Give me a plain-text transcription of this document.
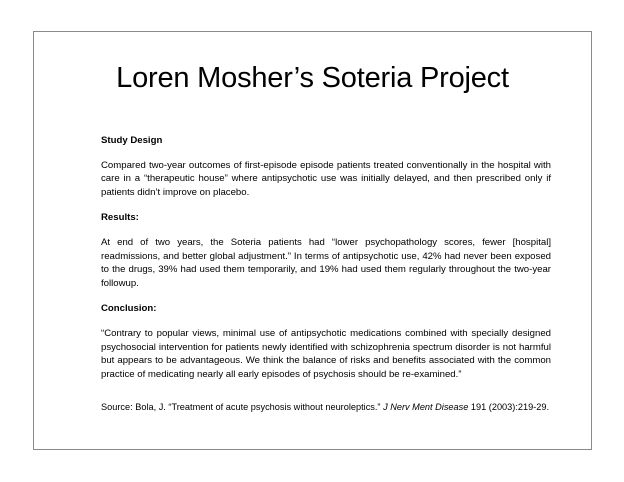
Loren Mosher’s Soteria Project
Study Design

Compared two-year outcomes of first-episode episode patients treated conventionally in the hospital with care in a “therapeutic house” where antipsychotic use was initially delayed, and then prescribed only if patients didn’t improve on placebo.

Results:

At end of two years, the Soteria patients had “lower psychopathology scores, fewer [hospital] readmissions, and better global adjustment.” In terms of antipsychotic use, 42% had never been exposed to the drugs, 39% had used them temporarily, and 19% had used them regularly throughout the two-year followup.

Conclusion:

“Contrary to popular views, minimal use of antipsychotic medications combined with specially designed psychosocial intervention for patients newly identified with schizophrenia spectrum disorder is not harmful but appears to be advantageous. We think the balance of risks and benefits associated with the common practice of medicating nearly all early episodes of psychosis should be re-examined.”

Source: Bola, J. “Treatment of acute psychosis without neuroleptics.” J Nerv Ment Disease 191 (2003):219-29.
